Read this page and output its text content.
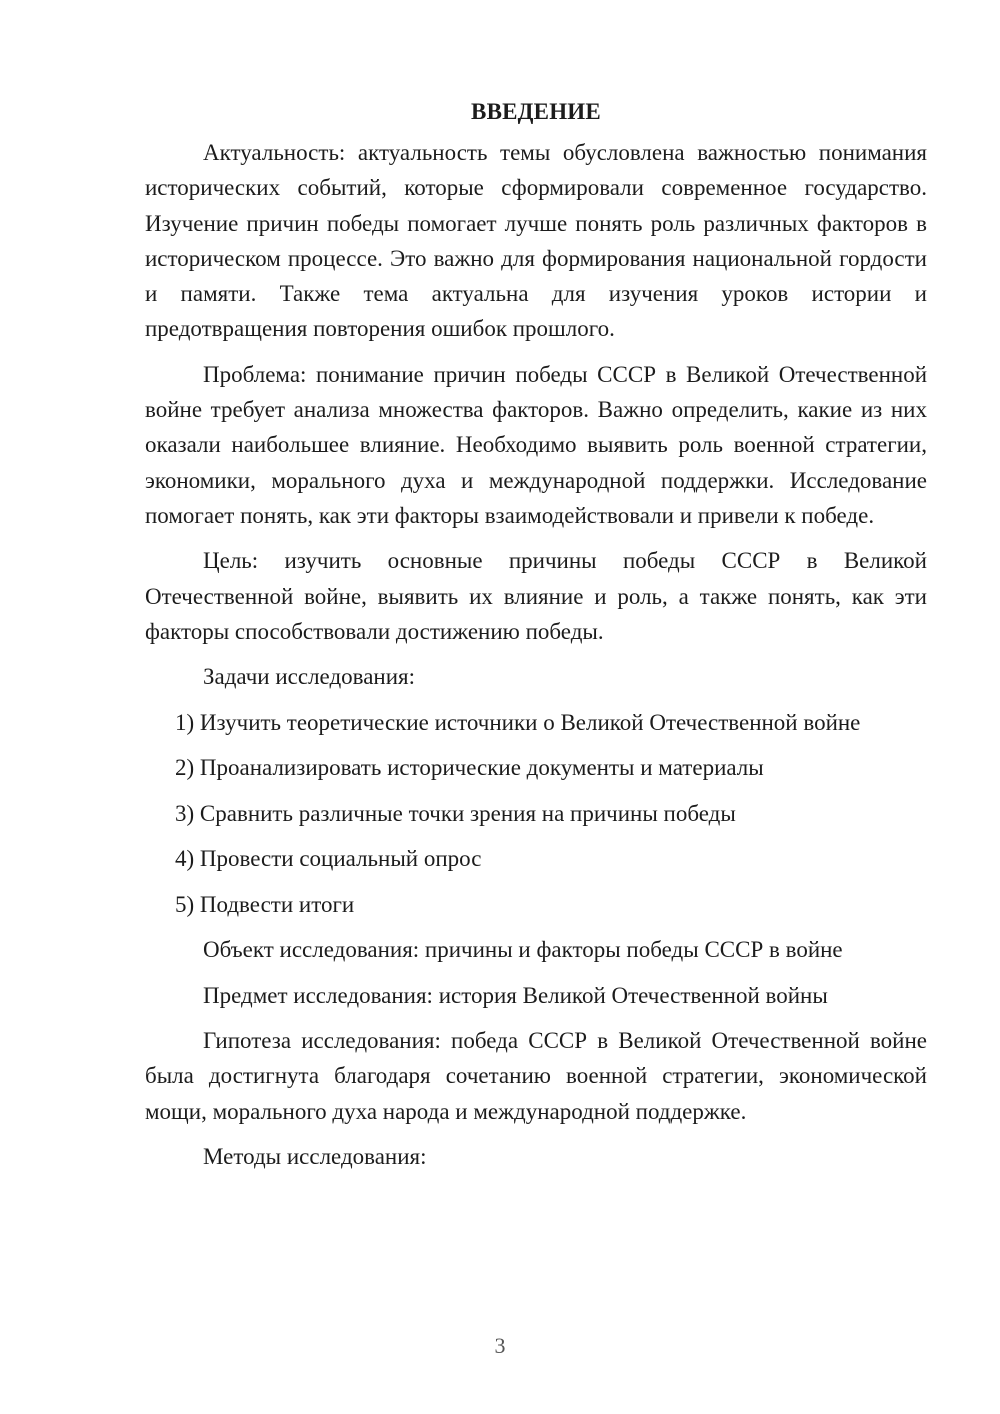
ВВЕДЕНИЕ

Актуальность: актуальность темы обусловлена важностью понимания исторических событий, которые сформировали современное государство. Изучение причин победы помогает лучше понять роль различных факторов в историческом процессе. Это важно для формирования национальной гордости и памяти. Также тема актуальна для изучения уроков истории и предотвращения повторения ошибок прошлого.

Проблема: понимание причин победы СССР в Великой Отечественной войне требует анализа множества факторов. Важно определить, какие из них оказали наибольшее влияние. Необходимо выявить роль военной стратегии, экономики, морального духа и международной поддержки. Исследование помогает понять, как эти факторы взаимодействовали и привели к победе.

Цель: изучить основные причины победы СССР в Великой Отечественной войне, выявить их влияние и роль, а также понять, как эти факторы способствовали достижению победы.

Задачи исследования:
1) Изучить теоретические источники о Великой Отечественной войне
2) Проанализировать исторические документы и материалы
3) Сравнить различные точки зрения на причины победы
4) Провести социальный опрос
5) Подвести итоги
Объект исследования: причины и факторы победы СССР в войне
Предмет исследования: история Великой Отечественной войны

Гипотеза исследования: победа СССР в Великой Отечественной войне была достигнута благодаря сочетанию военной стратегии, экономической мощи, морального духа народа и международной поддержке.

Методы исследования:
3
